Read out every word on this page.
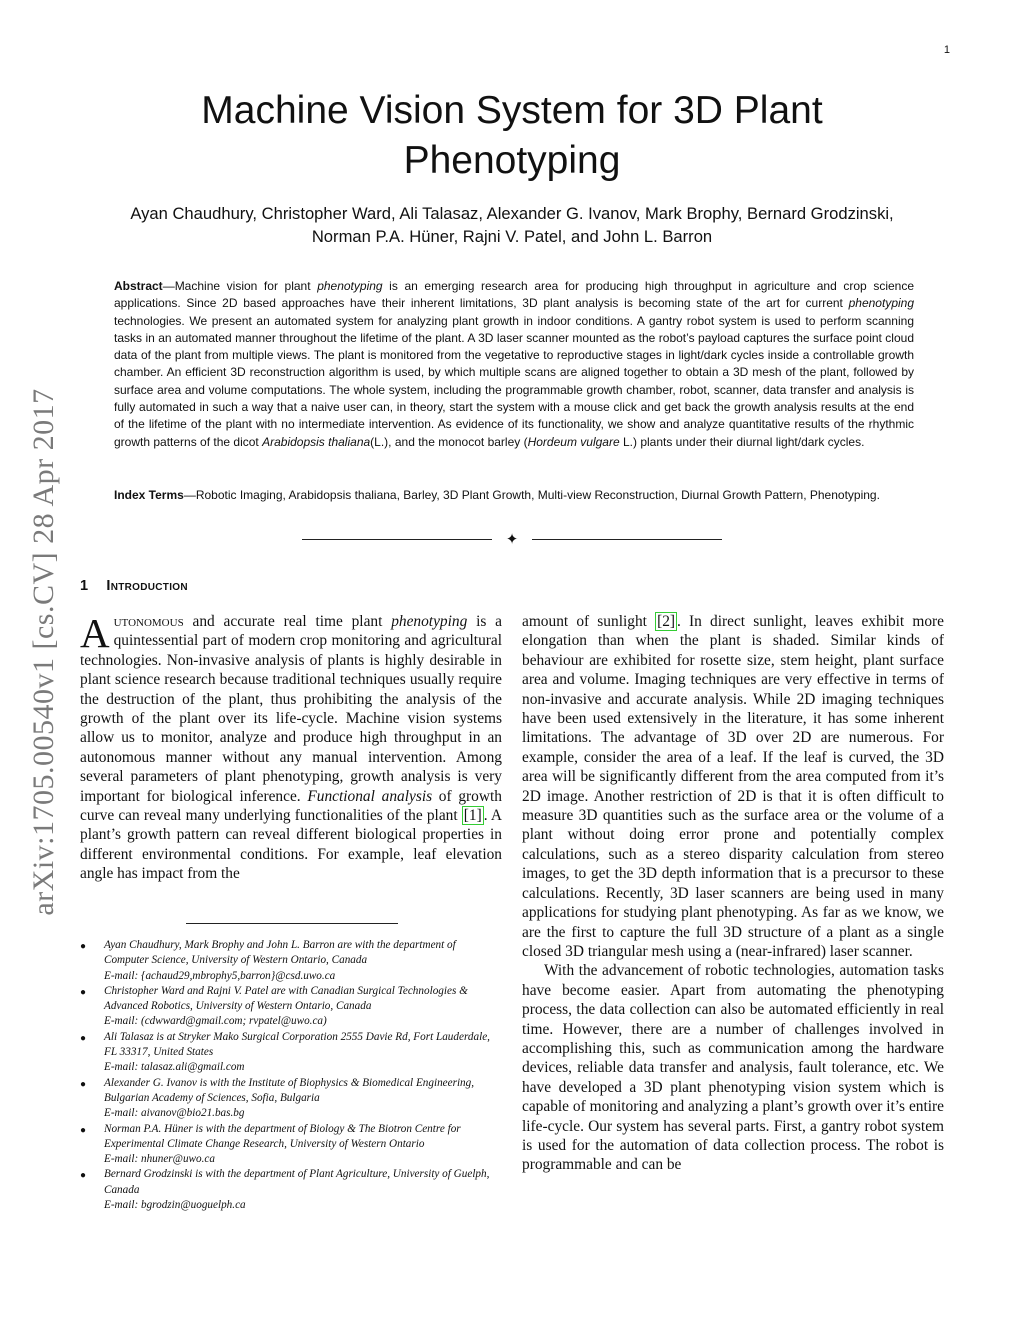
1
arXiv:1705.00540v1 [cs.CV] 28 Apr 2017
Machine Vision System for 3D Plant
Phenotyping
Ayan Chaudhury, Christopher Ward, Ali Talasaz, Alexander G. Ivanov, Mark Brophy, Bernard Grodzinski,
Norman P.A. Hüner, Rajni V. Patel, and John L. Barron
Abstract—Machine vision for plant phenotyping is an emerging research area for producing high throughput in agriculture and crop science applications. Since 2D based approaches have their inherent limitations, 3D plant analysis is becoming state of the art for current phenotyping technologies. We present an automated system for analyzing plant growth in indoor conditions. A gantry robot system is used to perform scanning tasks in an automated manner throughout the lifetime of the plant. A 3D laser scanner mounted as the robot’s payload captures the surface point cloud data of the plant from multiple views. The plant is monitored from the vegetative to reproductive stages in light/dark cycles inside a controllable growth chamber. An efficient 3D reconstruction algorithm is used, by which multiple scans are aligned together to obtain a 3D mesh of the plant, followed by surface area and volume computations. The whole system, including the programmable growth chamber, robot, scanner, data transfer and analysis is fully automated in such a way that a naive user can, in theory, start the system with a mouse click and get back the growth analysis results at the end of the lifetime of the plant with no intermediate intervention. As evidence of its functionality, we show and analyze quantitative results of the rhythmic growth patterns of the dicot Arabidopsis thaliana(L.), and the monocot barley (Hordeum vulgare L.) plants under their diurnal light/dark cycles.
Index Terms—Robotic Imaging, Arabidopsis thaliana, Barley, 3D Plant Growth, Multi-view Reconstruction, Diurnal Growth Pattern, Phenotyping.
✦
1 Introduction

Autonomous and accurate real time plant phenotyping is a quintessential part of modern crop monitoring and agricultural technologies. Non-invasive analysis of plants is highly desirable in plant science research because traditional techniques usually require the destruction of the plant, thus prohibiting the analysis of the growth of the plant over its life-cycle. Machine vision systems allow us to monitor, analyze and produce high throughput in an autonomous manner without any manual intervention. Among several parameters of plant phenotyping, growth analysis is very important for biological inference. Functional analysis of growth curve can reveal many underlying functionalities of the plant [1] . A plant’s growth pattern can reveal different biological properties in different environmental conditions. For example, leaf elevation angle has impact from the

● Ayan Chaudhury, Mark Brophy and John L. Barron are with the department of Computer Science, University of Western Ontario, Canada
E-mail: {achaud29,mbrophy5,barron}@csd.uwo.ca
● Christopher Ward and Rajni V. Patel are with Canadian Surgical Technologies & Advanced Robotics, University of Western Ontario, Canada
E-mail: (cdwward@gmail.com; rvpatel@uwo.ca)
● Ali Talasaz is at Stryker Mako Surgical Corporation 2555 Davie Rd, Fort Lauderdale, FL 33317, United States
E-mail: talasaz.ali@gmail.com
● Alexander G. Ivanov is with the Institute of Biophysics & Biomedical Engineering, Bulgarian Academy of Sciences, Sofia, Bulgaria
E-mail: aivanov@bio21.bas.bg
● Norman P.A. Hüner is with the department of Biology & The Biotron Centre for Experimental Climate Change Research, University of Western Ontario
E-mail: nhuner@uwo.ca
● Bernard Grodzinski is with the department of Plant Agriculture, University of Guelph, Canada
E-mail: bgrodzin@uoguelph.ca

amount of sunlight [2] . In direct sunlight, leaves exhibit more elongation than when the plant is shaded. Similar kinds of behaviour are exhibited for rosette size, stem height, plant surface area and volume. Imaging techniques are very effective in terms of non-invasive and accurate analysis. While 2D imaging techniques have been used extensively in the literature, it has some inherent limitations. The advantage of 3D over 2D are numerous. For example, consider the area of a leaf. If the leaf is curved, the 3D area will be significantly different from the area computed from it’s 2D image. Another restriction of 2D is that it is often difficult to measure 3D quantities such as the surface area or the volume of a plant without doing error prone and potentially complex calculations, such as a stereo disparity calculation from stereo images, to get the 3D depth information that is a precursor to these calculations. Recently, 3D laser scanners are being used in many applications for studying plant phenotyping. As far as we know, we are the first to capture the full 3D structure of a plant as a single closed 3D triangular mesh using a (near-infrared) laser scanner.

With the advancement of robotic technologies, automation tasks have become easier. Apart from automating the phenotyping process, the data collection can also be automated efficiently in real time. However, there are a number of challenges involved in accomplishing this, such as communication among the hardware devices, reliable data transfer and analysis, fault tolerance, etc. We have developed a 3D plant phenotyping vision system which is capable of monitoring and analyzing a plant’s growth over it’s entire life-cycle. Our system has several parts. First, a gantry robot system is used for the automation of data collection process. The robot is programmable and can be
